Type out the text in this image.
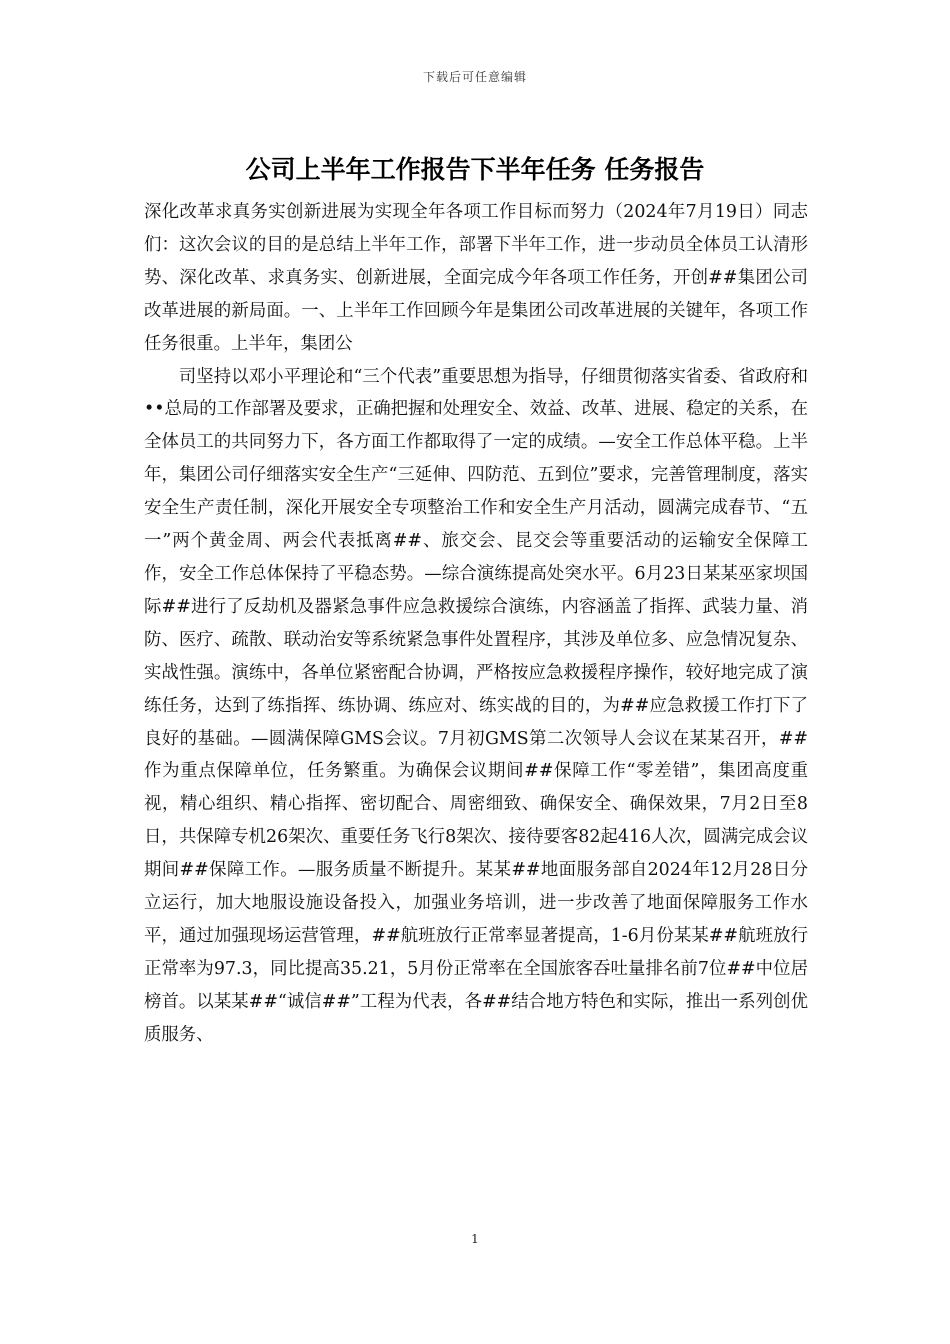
下载后可任意编辑
公司上半年工作报告下半年任务 任务报告

深化改革求真务实创新进展为实现全年各项工作目标而努力（2024年7月19日）同志们：这次会议的目的是总结上半年工作，部署下半年工作，进一步动员全体员工认清形势、深化改革、求真务实、创新进展，全面完成今年各项工作任务，开创##集团公司改革进展的新局面。一、上半年工作回顾今年是集团公司改革进展的关键年，各项工作任务很重。上半年，集团公

司坚持以邓小平理论和“三个代表”重要思想为指导，仔细贯彻落实省委、省政府和••总局的工作部署及要求，正确把握和处理安全、效益、改革、进展、稳定的关系，在全体员工的共同努力下，各方面工作都取得了一定的成绩。—安全工作总体平稳。上半年，集团公司仔细落实安全生产“三延伸、四防范、五到位”要求，完善管理制度，落实安全生产责任制，深化开展安全专项整治工作和安全生产月活动，圆满完成春节、“五一”两个黄金周、两会代表抵离##、旅交会、昆交会等重要活动的运输安全保障工作，安全工作总体保持了平稳态势。—综合演练提高处突水平。6月23日某某巫家坝国际##进行了反劫机及器紧急事件应急救援综合演练，内容涵盖了指挥、武装力量、消防、医疗、疏散、联动治安等系统紧急事件处置程序，其涉及单位多、应急情况复杂、实战性强。演练中，各单位紧密配合协调，严格按应急救援程序操作，较好地完成了演练任务，达到了练指挥、练协调、练应对、练实战的目的，为##应急救援工作打下了良好的基础。—圆满保障GMS会议。7月初GMS第二次领导人会议在某某召开，##作为重点保障单位，任务繁重。为确保会议期间##保障工作“零差错”，集团高度重视，精心组织、精心指挥、密切配合、周密细致、确保安全、确保效果，7月2日至8日，共保障专机26架次、重要任务飞行8架次、接待要客82起416人次，圆满完成会议期间##保障工作。—服务质量不断提升。某某##地面服务部自2024年12月28日分立运行，加大地服设施设备投入，加强业务培训，进一步改善了地面保障服务工作水平，通过加强现场运营管理，##航班放行正常率显著提高，1-6月份某某##航班放行正常率为97.3，同比提高35.21，5月份正常率在全国旅客吞吐量排名前7位##中位居榜首。以某某##“诚信##”工程为代表，各##结合地方特色和实际，推出一系列创优质服务、

1
